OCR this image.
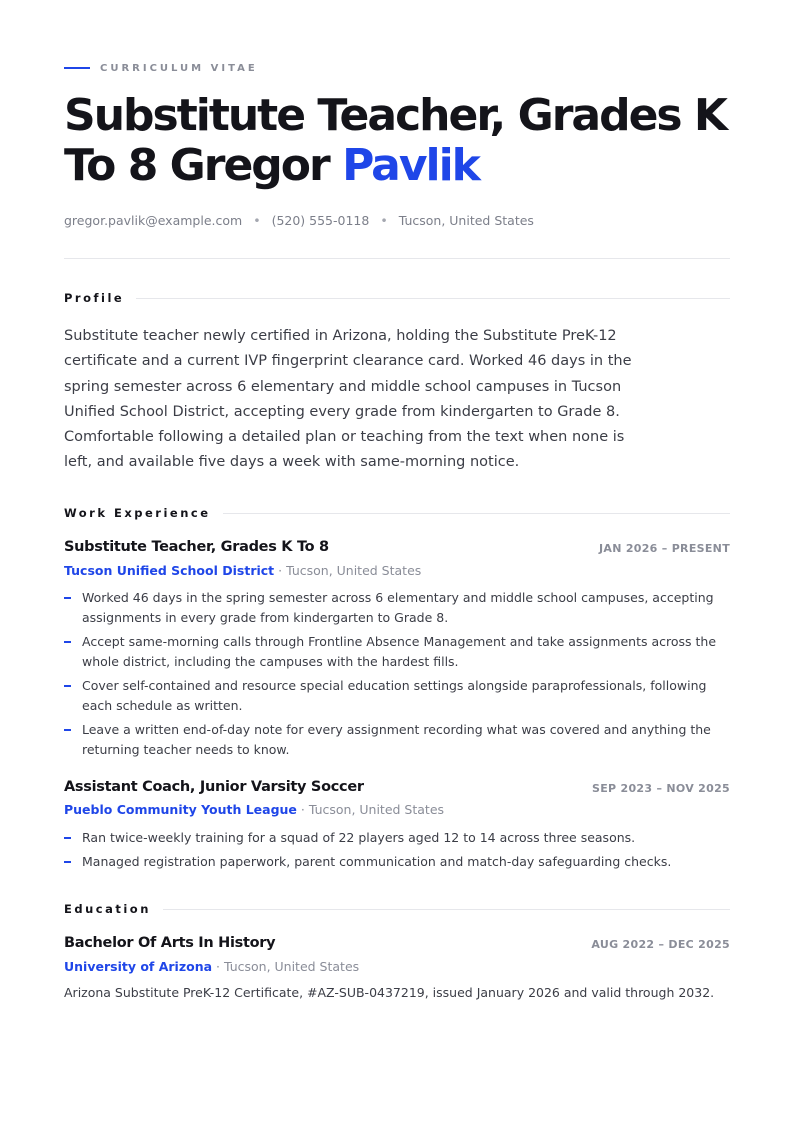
CURRICULUM VITAE
Substitute Teacher, Grades K To 8 Gregor Pavlik
gregor.pavlik@example.com • (520) 555-0118 • Tucson, United States
Profile

Substitute teacher newly certified in Arizona, holding the Substitute PreK-12 certificate and a current IVP fingerprint clearance card. Worked 46 days in the spring semester across 6 elementary and middle school campuses in Tucson Unified School District, accepting every grade from kindergarten to Grade 8. Comfortable following a detailed plan or teaching from the text when none is left, and available five days a week with same-morning notice.

Work Experience
Substitute Teacher, Grades K To 8	JAN 2026 – PRESENT
Tucson Unified School District · Tucson, United States
Worked 46 days in the spring semester across 6 elementary and middle school campuses, accepting assignments in every grade from kindergarten to Grade 8.
Accept same-morning calls through Frontline Absence Management and take assignments across the whole district, including the campuses with the hardest fills.
Cover self-contained and resource special education settings alongside paraprofessionals, following each schedule as written.
Leave a written end-of-day note for every assignment recording what was covered and anything the returning teacher needs to know.
Assistant Coach, Junior Varsity Soccer	SEP 2023 – NOV 2025
Pueblo Community Youth League · Tucson, United States
Ran twice-weekly training for a squad of 22 players aged 12 to 14 across three seasons.
Managed registration paperwork, parent communication and match-day safeguarding checks.
Education
Bachelor Of Arts In History	AUG 2022 – DEC 2025
University of Arizona · Tucson, United States
Arizona Substitute PreK-12 Certificate, #AZ-SUB-0437219, issued January 2026 and valid through 2032.
